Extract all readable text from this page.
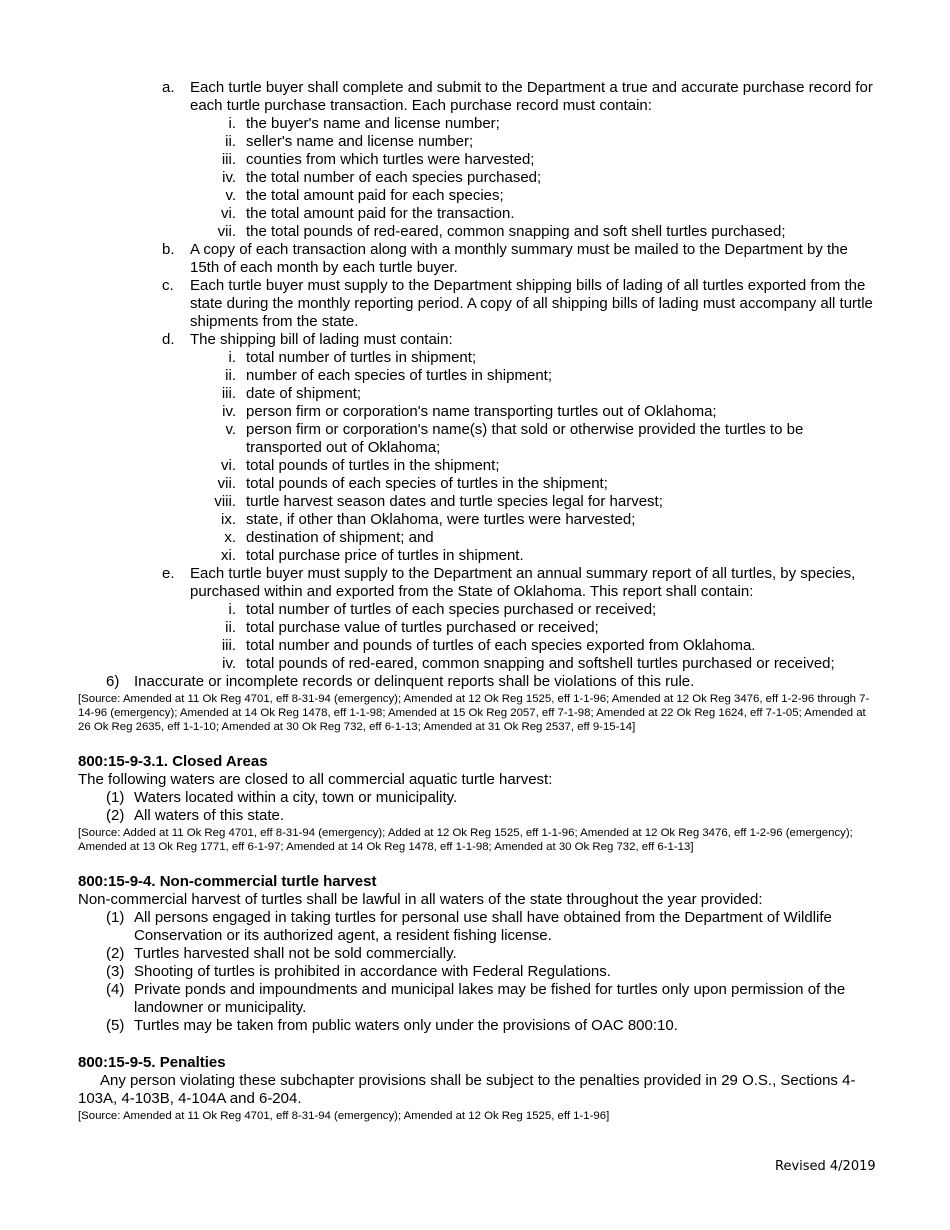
a. Each turtle buyer shall complete and submit to the Department a true and accurate purchase record for each turtle purchase transaction. Each purchase record must contain:
i. the buyer's name and license number;
ii. seller's name and license number;
iii. counties from which turtles were harvested;
iv. the total number of each species purchased;
v. the total amount paid for each species;
vi. the total amount paid for the transaction.
vii. the total pounds of red-eared, common snapping and soft shell turtles purchased;
b. A copy of each transaction along with a monthly summary must be mailed to the Department by the 15th of each month by each turtle buyer.
c. Each turtle buyer must supply to the Department shipping bills of lading of all turtles exported from the state during the monthly reporting period. A copy of all shipping bills of lading must accompany all turtle shipments from the state.
d. The shipping bill of lading must contain:
i. total number of turtles in shipment;
ii. number of each species of turtles in shipment;
iii. date of shipment;
iv. person firm or corporation's name transporting turtles out of Oklahoma;
v. person firm or corporation's name(s) that sold or otherwise provided the turtles to be transported out of Oklahoma;
vi. total pounds of turtles in the shipment;
vii. total pounds of each species of turtles in the shipment;
viii. turtle harvest season dates and turtle species legal for harvest;
ix. state, if other than Oklahoma, were turtles were harvested;
x. destination of shipment; and
xi. total purchase price of turtles in shipment.
e. Each turtle buyer must supply to the Department an annual summary report of all turtles, by species, purchased within and exported from the State of Oklahoma. This report shall contain:
i. total number of turtles of each species purchased or received;
ii. total purchase value of turtles purchased or received;
iii. total number and pounds of turtles of each species exported from Oklahoma.
iv. total pounds of red-eared, common snapping and softshell turtles purchased or received;
6) Inaccurate or incomplete records or delinquent reports shall be violations of this rule.
[Source: Amended at 11 Ok Reg 4701, eff 8-31-94 (emergency); Amended at 12 Ok Reg 1525, eff 1-1-96; Amended at 12 Ok Reg 3476, eff 1-2-96 through 7-14-96 (emergency); Amended at 14 Ok Reg 1478, eff 1-1-98; Amended at 15 Ok Reg 2057, eff 7-1-98; Amended at 22 Ok Reg 1624, eff 7-1-05; Amended at 26 Ok Reg 2635, eff 1-1-10; Amended at 30 Ok Reg 732, eff 6-1-13; Amended at 31 Ok Reg 2537, eff 9-15-14]
800:15-9-3.1. Closed Areas
The following waters are closed to all commercial aquatic turtle harvest:
(1) Waters located within a city, town or municipality.
(2) All waters of this state.
[Source: Added at 11 Ok Reg 4701, eff 8-31-94 (emergency); Added at 12 Ok Reg 1525, eff 1-1-96; Amended at 12 Ok Reg 3476, eff 1-2-96 (emergency); Amended at 13 Ok Reg 1771, eff 6-1-97; Amended at 14 Ok Reg 1478, eff 1-1-98; Amended at 30 Ok Reg 732, eff 6-1-13]
800:15-9-4. Non-commercial turtle harvest
Non-commercial harvest of turtles shall be lawful in all waters of the state throughout the year provided:
(1) All persons engaged in taking turtles for personal use shall have obtained from the Department of Wildlife Conservation or its authorized agent, a resident fishing license.
(2) Turtles harvested shall not be sold commercially.
(3) Shooting of turtles is prohibited in accordance with Federal Regulations.
(4) Private ponds and impoundments and municipal lakes may be fished for turtles only upon permission of the landowner or municipality.
(5) Turtles may be taken from public waters only under the provisions of OAC 800:10.
800:15-9-5. Penalties
Any person violating these subchapter provisions shall be subject to the penalties provided in 29 O.S., Sections 4-103A, 4-103B, 4-104A and 6-204.
[Source: Amended at 11 Ok Reg 4701, eff 8-31-94 (emergency); Amended at 12 Ok Reg 1525, eff 1-1-96]
Revised 4/2019
